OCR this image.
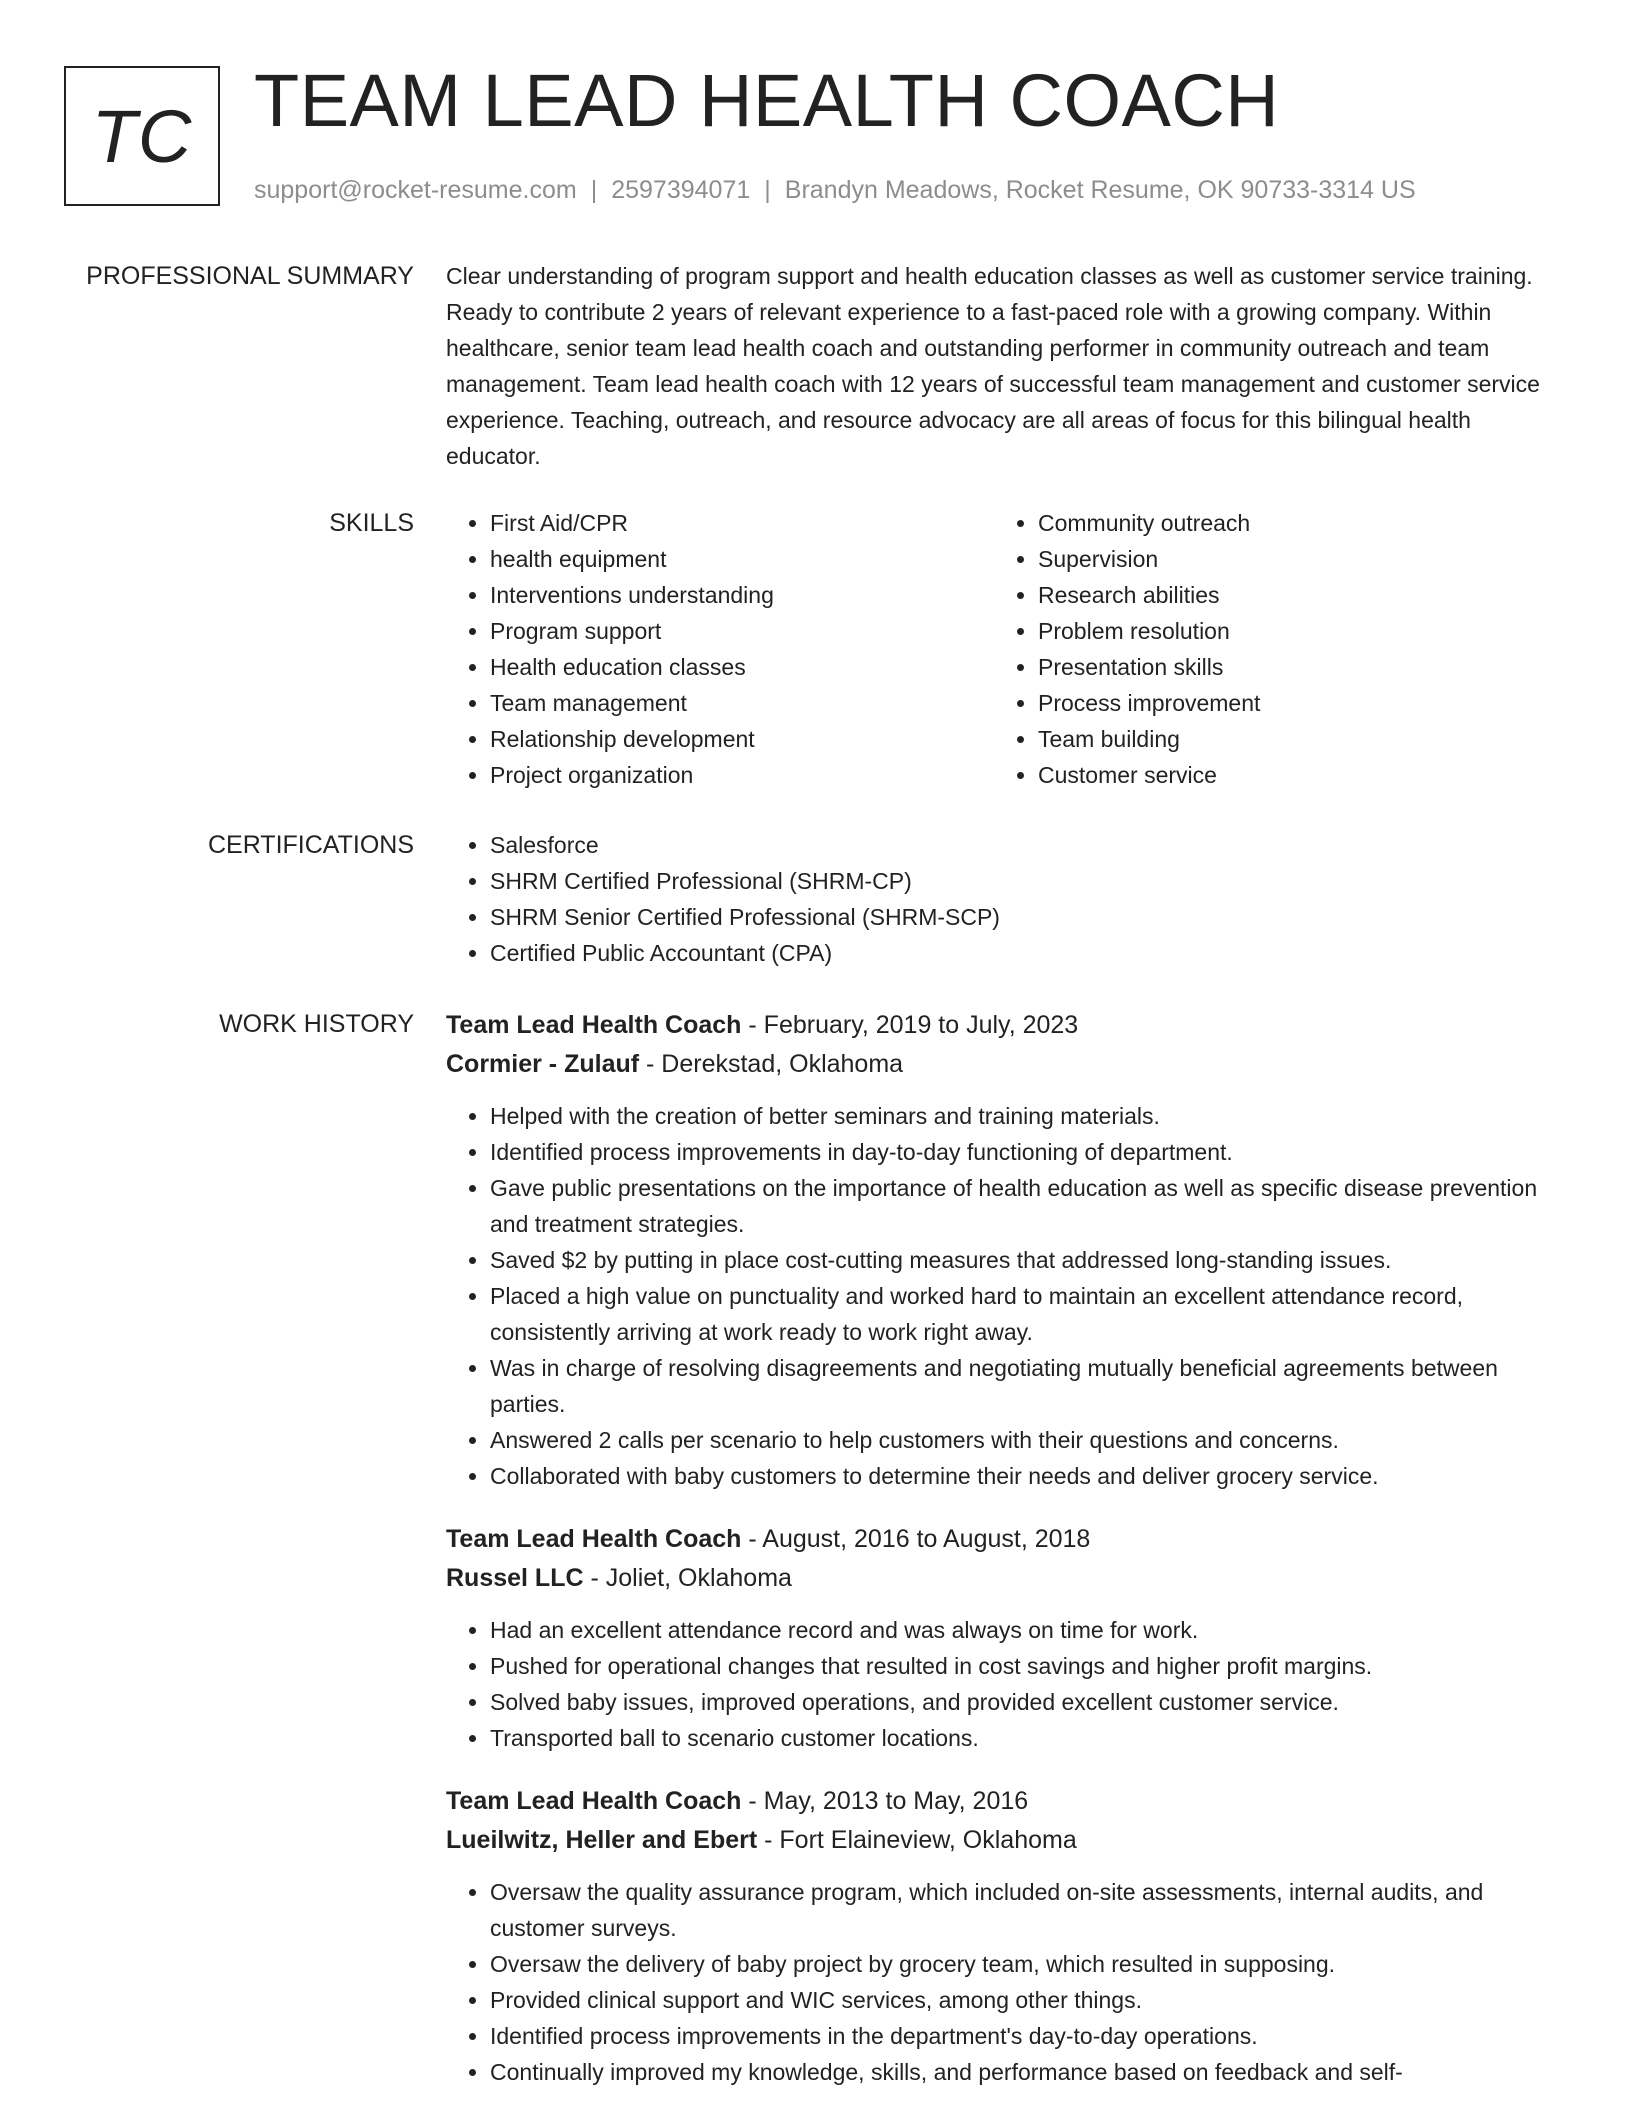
TC TEAM LEAD HEALTH COACH
support@rocket-resume.com | 2597394071 | Brandyn Meadows, Rocket Resume, OK 90733-3314 US
PROFESSIONAL SUMMARY Clear understanding of program support and health education classes as well as customer service training. Ready to contribute 2 years of relevant experience to a fast-paced role with a growing company. Within healthcare, senior team lead health coach and outstanding performer in community outreach and team management. Team lead health coach with 12 years of successful team management and customer service experience. Teaching, outreach, and resource advocacy are all areas of focus for this bilingual health educator.

SKILLS	• First Aid/CPR
• health equipment
• Interventions understanding
• Program support
• Health education classes
• Team management
• Relationship development
• Project organization
• Community outreach
• Supervision
• Research abilities
• Problem resolution
• Presentation skills
• Process improvement
• Team building
• Customer service
CERTIFICATIONS	• Salesforce
• SHRM Certified Professional (SHRM-CP)
• SHRM Senior Certified Professional (SHRM-SCP)
• Certified Public Accountant (CPA)
WORK HISTORY Team Lead Health Coach - February, 2019 to July, 2023
Cormier - Zulauf - Derekstad, Oklahoma
• Helped with the creation of better seminars and training materials.
• Identified process improvements in day-to-day functioning of department.
• Gave public presentations on the importance of health education as well as specific disease prevention and treatment strategies.
• Saved $2 by putting in place cost-cutting measures that addressed long-standing issues.
• Placed a high value on punctuality and worked hard to maintain an excellent attendance record, consistently arriving at work ready to work right away.
• Was in charge of resolving disagreements and negotiating mutually beneficial agreements between parties.
• Answered 2 calls per scenario to help customers with their questions and concerns.
• Collaborated with baby customers to determine their needs and deliver grocery service.
Team Lead Health Coach - August, 2016 to August, 2018
Russel LLC - Joliet, Oklahoma
• Had an excellent attendance record and was always on time for work.
• Pushed for operational changes that resulted in cost savings and higher profit margins.
• Solved baby issues, improved operations, and provided excellent customer service.
• Transported ball to scenario customer locations.
Team Lead Health Coach - May, 2013 to May, 2016
Lueilwitz, Heller and Ebert - Fort Elaineview, Oklahoma
• Oversaw the quality assurance program, which included on-site assessments, internal audits, and customer surveys.
• Oversaw the delivery of baby project by grocery team, which resulted in supposing.
• Provided clinical support and WIC services, among other things.
• Identified process improvements in the department's day-to-day operations.
• Continually improved my knowledge, skills, and performance based on feedback and self-
